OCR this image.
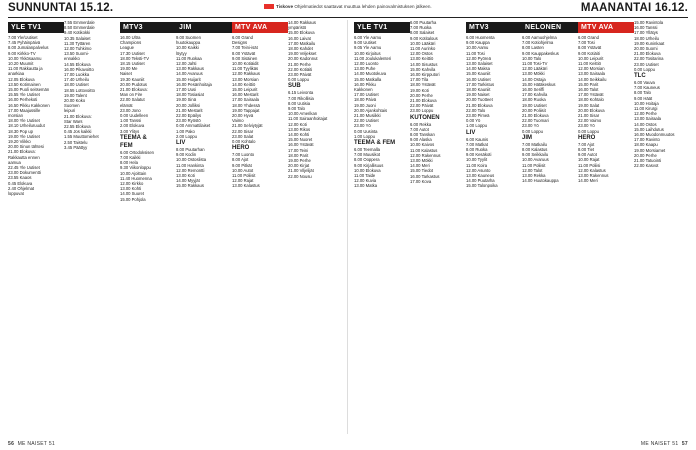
SUNNUNTAI 15.12.	Tiskove Ohjelmatiedot saattavat muuttua lehden painovalmistuksen jälkeen.	MAANANTAI 16.12.
YLE TV1
7.00 Yle/Uutiset
7.45 Pyhäinpäivä
8.00 Jumalanpalvelus
9.00 Kirkko-TV
10.00 Ykkösaamu
10.20 Muumit
11.00 Rakkautta ja
anarkiaa
12.05 Elokuva
13.50 Kotimainen
15.00 Puoli seitsemän
15.55 Yle Uutiset
16.00 Perhekoti
16.50 Pikku Kakkonen
17.00 Maajussille
morsian
18.00 Yle Uutiset
18.10 Urheiluruudut
18.30 Pop up
19.00 Yle Uutiset
19.20 Viikko
20.00 Sinun tähtesi
21.00 Elokuva:
Rakkautta ennen
aamua
22.45 Yle Uutiset
23.00 Dokumentti
23.55 Kaaos
0.45 Elokuva
2.40 Ohjelmat
loppuvat
7.55 Emmerdale
8.50 Emmerdale
9.40 Kotikokki
10.35 Salaiset
11.30 Tyttären
12.00 Tuhkimo
13.50 Suomi-
ennakko
14.55 Elokuva
16.00 Pikavoitto
17.00 Luokka
17.40 Urheilu
18.00 Uutiset
18.55 Lottovoitto
19.00 Talent
20.00 Koko
Suomen
leipuri
21.00 Elokuva:
Star Wars
22.55 Elokuva
0.45 Jos kaikki
1.55 Muuttomiehet
2.50 Taistelu
3.45 Päättyy
MTV3
16.00 Ultra
Champions
League
17.30 Uutiset
18.00 Teksti-TV
18.15 Uutiset
19.00 Me
Naiset
19.30 Kauniit
20.00 Pudotus
21.00 Elokuva:
Man on Fire
22.00 Salatut
elämät
23.00 Jono
0.00 Uudelleen
1.00 Tanssi
2.00 Elokuva
3.00 Ylitys
TEEMA &
FEM
6.00 Ortodoksisen
7.00 Kaikki
8.00 Hela
9.30 Viikonloppu
10.00 Ajoittain
11.40 Huomenna
12.00 Kirkko
13.00 Kohti
14.00 Suuret
15.00 Pohjola
JIM
9.00 Suomen
huutokauppa
10.00 Kaikki
löytyy
11.00 Ruokaa
12.00 Jahti
13.00 Rakkaus
14.00 Avaruus
15.00 Huijarit
16.00 Pesänhoitaja
17.00 Uusi
18.00 Tosiasiat
19.00 Sinä
20.00 Jolliksi
21.00 Mestarit
22.00 Epäilys
23.00 Ryöstö
0.00 Ammattilaiset
1.00 Pako
2.00 Loppu
LIV
8.00 Puutarhan
9.00 Kodin
10.00 Ostoslista
11.00 Hankinta
12.00 Remontti
13.00 Koti
14.00 Myyjät
15.00 Rakkaus
MTV AVA
6.00 Grand
Designs
7.00 Teini-isät
8.00 Ystävät
9.00 Sisäinen
10.00 Kotiäidit
11.00 Tyylikäs
12.00 Rakkaus
13.00 Morsian
14.00 Keittiö
15.00 Leipurit
16.00 Mestarit
17.00 Sairaala
18.00 Yhdessä
19.00 Tappajat
20.00 Hyvä
Vaimo
21.00 Selviytyjät
22.00 Sisar
23.00 Salat
0.00 Kohtalo
HERO
7.00 Luonto
8.00 Ajot
9.00 Pitkät
10.00 Autot
11.00 Poliisit
12.00 Rajat
13.00 Kalastus
14.00 Rakkaus
ympäristö
15.00 Elokuva
16.00 Laivat
17.00 Matkailu
18.00 Kahdet
19.00 Veljekset
20.00 Kadonnut
21.00 Perhe
22.00 Kotiäiti
23.00 Päivät
0.00 Loppu
SUB
6.15 Leivonta
7.00 Rikollisia
8.00 Uutisia
9.00 Talo
10.00 Amerikan
11.00 Sairaanhoitajat
12.00 Koti
13.00 Rikos
14.00 Kohti
15.00 Nuoret
16.00 Ystävät
17.00 Teini
18.00 Parit
19.00 Perhe
20.00 Kirjat
21.00 Viljelijät
22.00 Nousu
YLE TV1
6.00 Yle Aamu
9.00 Uutiset
9.05 Yle Aamu
10.00 Kirjoitus
11.00 Joulukalenteri
12.00 Luonto
13.00 Puhe
14.00 Muotokuva
15.00 Matkalla
16.00 Pikku
Kakkonen
17.00 Uutiset
18.00 Päivä
19.00 Juoni
20.00 Ajankohtais
21.00 Musiikki
22.00 Uutiset
23.00 Yö
0.00 Uusinta
1.00 Loppu
TEEMA & FEM
6.00 Teemalla
7.00 Muusikot
8.00 Ooppera
9.00 Kirjallisuus
10.00 Elokuva
11.00 Taide
12.00 Kuvia
13.00 Matka
6.00 Puutarha
7.00 Ruoka
8.00 Salaiset
9.00 Kotitalous
10.00 Lääkäri
11.00 Aurinko
12.00 Ostos
13.00 Keittiö
14.00 Sisustus
15.00 Kahvila
16.00 Kirpputori
17.00 Tila
18.00 Ystävät
19.00 Koti
20.00 Perhe
21.00 Elokuva
22.00 Päivät
23.00 Loppu
KUTONEN
6.00 Rekka
7.00 Autot
8.00 Tanskan
9.00 Alaska
10.00 Kaivos
11.00 Kalastus
12.00 Rakennus
13.00 Mökki
14.00 Meri
15.00 Tiedot
16.00 Tarkastus
17.00 Kova
MTV3
6.00 Huomenta
9.00 Kauppa
10.00 Aamu
11.00 Tosi
12.00 Pyöreä
13.00 Salaiset
14.00 Maksa
15.00 Kauniit
16.00 Uutiset
17.00 Tarkistus
18.00 Kauniit
19.00 Naiset
20.00 Tuotteet
21.00 Elokuva
22.00 Talo
23.00 Pimeä
0.00 Yö
1.00 Loppu
LIV
6.00 Kaunis
7.00 Matkat
8.00 Ruoka
9.00 Kesäkoti
10.00 Tyylit
11.00 Koira
12.00 Asunto
13.00 Kauneus
14.00 Puutarha
15.00 Talonpoika
NELONEN
6.00 Aamuohjelma
7.00 Kotiohjelma
8.00 Lasten
9.00 Kauppakeskus
10.00 Talo
11.00 Tosi-TV
12.00 Lääkäri
13.00 Mökki
14.00 Ostaja
15.00 Hätäkeskus
16.00 Seriffi
17.00 Kahvila
18.00 Ruoka
19.00 Uutiset
20.00 Poliisit
21.00 Elokuva
22.00 Tuomari
23.00 Yö
0.00 Loppu
JIM
7.00 Matkailu
8.00 Kalastus
9.00 Seikkailu
10.00 Avaruus
11.00 Poliisit
12.00 Talot
13.00 Rekka
14.00 Huutokauppa
MTV AVA
6.00 Grand
7.00 Tosi
8.00 Ystävät
9.00 Kotiäiti
10.00 Leipurit
11.00 Keittiö
12.00 Morsian
13.00 Sairaala
14.00 Seikkailu
15.00 Parit
16.00 Talot
17.00 Ystävät
18.00 Kohtalo
19.00 Salat
20.00 Elokuva
21.00 Sisar
22.00 Vaimo
23.00 Yö
0.00 Loppu
HERO
7.00 Ajot
8.00 Tiet
9.00 Autot
10.00 Rajat
11.00 Poliisi
12.00 Kalastus
13.00 Rakennus
14.00 Meri
15.00 Ravintola
16.00 Tanssi
17.00 Yllätys
18.00 Urheilu
19.00 Kuninkaat
20.00 Suomi
21.00 Elokuva
22.00 Tositarina
23.00 Uutiset
0.00 Loppu
TLC
6.00 Vauva
7.00 Kauneus
8.00 Talo
9.00 Häät
10.00 Hoitaja
11.00 Kirurgi
12.00 Perhe
13.00 Sairaala
14.00 Ostos
15.00 Laihdutus
16.00 Muodonmuutos
17.00 Ravinto
18.00 Kaapu
19.00 Morsiamet
20.00 Perhe
21.00 Tatuointi
22.00 Kasvot
56 ME NAISET 51	ME NAISET 51 57
